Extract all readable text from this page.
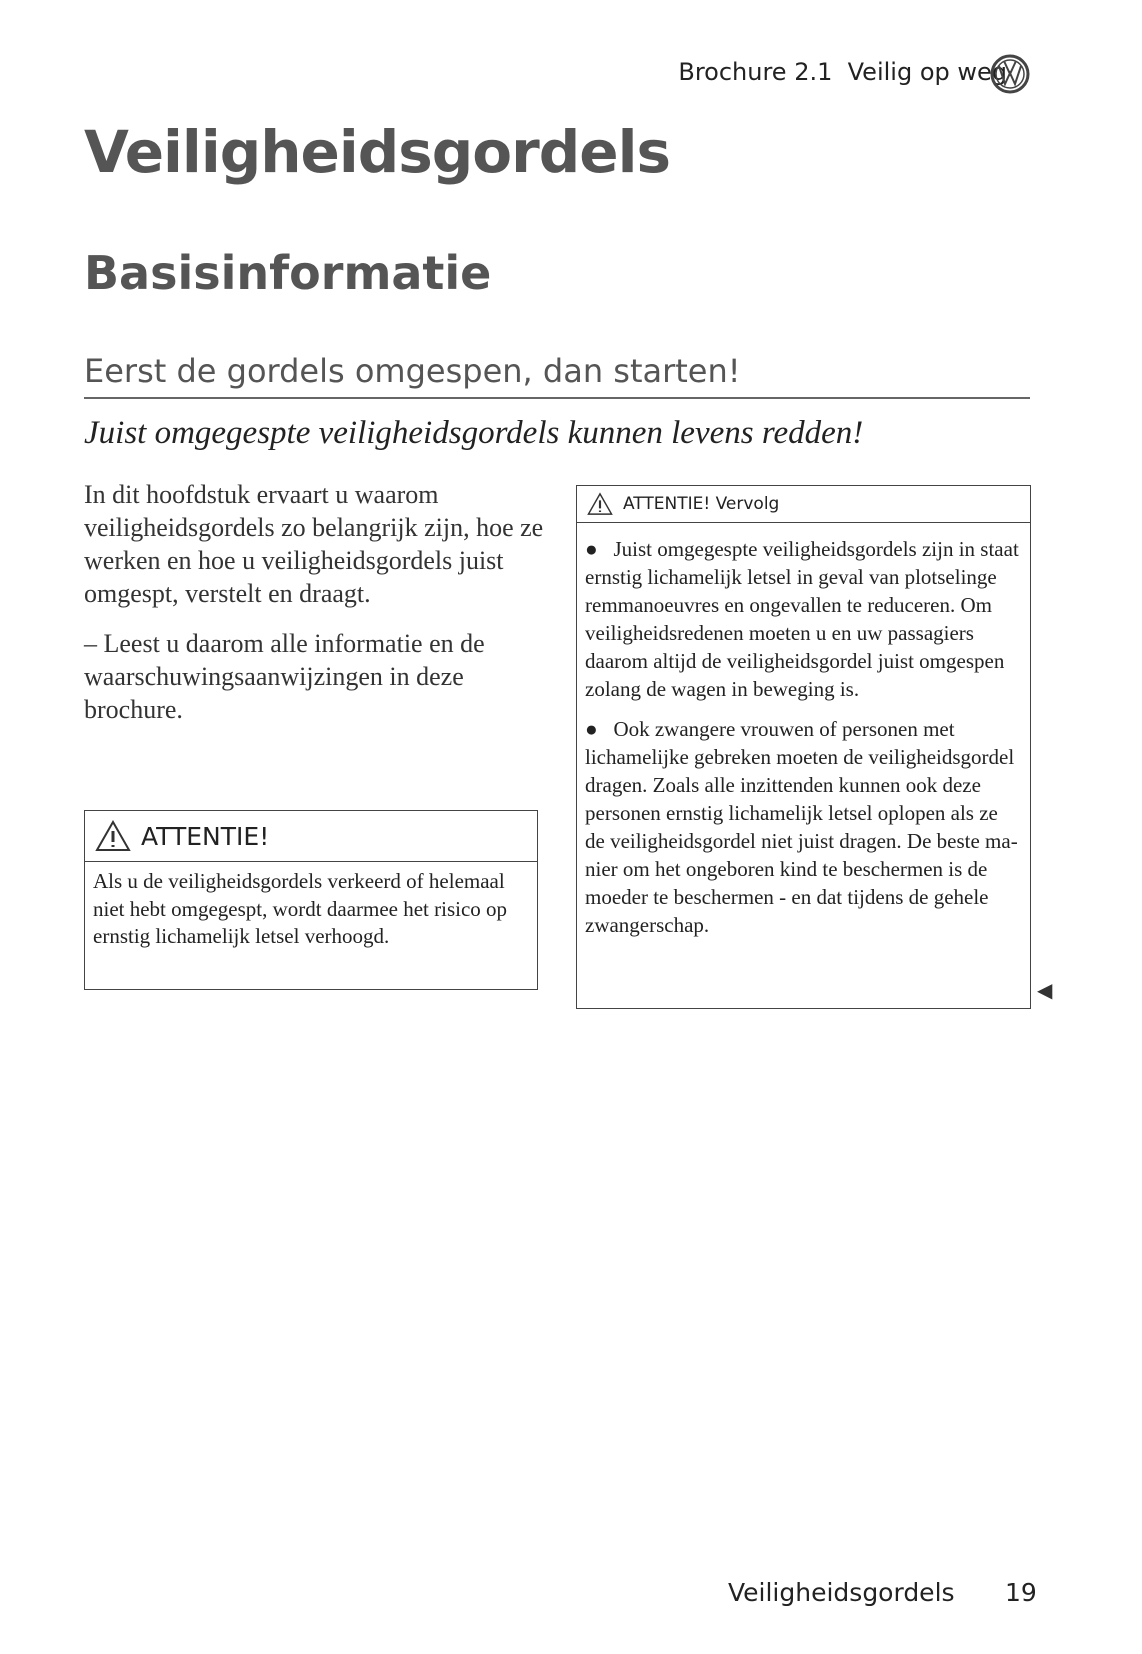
Brochure 2.1  Veilig op weg
Veiligheidsgordels
Basisinformatie
Eerst de gordels omgespen, dan starten!
Juist omgegespte veiligheidsgordels kunnen levens redden!

In dit hoofdstuk ervaart u waarom veiligheidsgordels zo belangrijk zijn, hoe ze werken en hoe u veiligheidsgordels juist omgespt, verstelt en draagt.

– Leest u daarom alle informatie en de waarschuwingsaanwijzingen in deze brochure.

ATTENTIE!
Als u de veiligheidsgordels verkeerd of helemaal niet hebt omgegespt, wordt daarmee het risico op ernstig lichamelijk letsel verhoogd.
ATTENTIE! Vervolg

●   Juist omgegespte veiligheidsgordels zijn in staat ernstig lichamelijk letsel in geval van plotselinge remmanoeuvres en ongevallen te reduceren. Om veiligheidsredenen moeten u en uw passagiers daarom altijd de veiligheidsgordel juist omgespen zolang de wagen in beweging is.

●   Ook zwangere vrouwen of personen met lichamelijke gebreken moeten de veiligheidsgordel dragen. Zoals alle inzittenden kunnen ook deze personen ernstig lichamelijk letsel oplopen als ze de veiligheidsgordel niet juist dragen. De beste manier om het ongeboren kind te beschermen is de moeder te beschermen - en dat tijdens de gehele zwangerschap.

◀
Veiligheidsgordels 19
